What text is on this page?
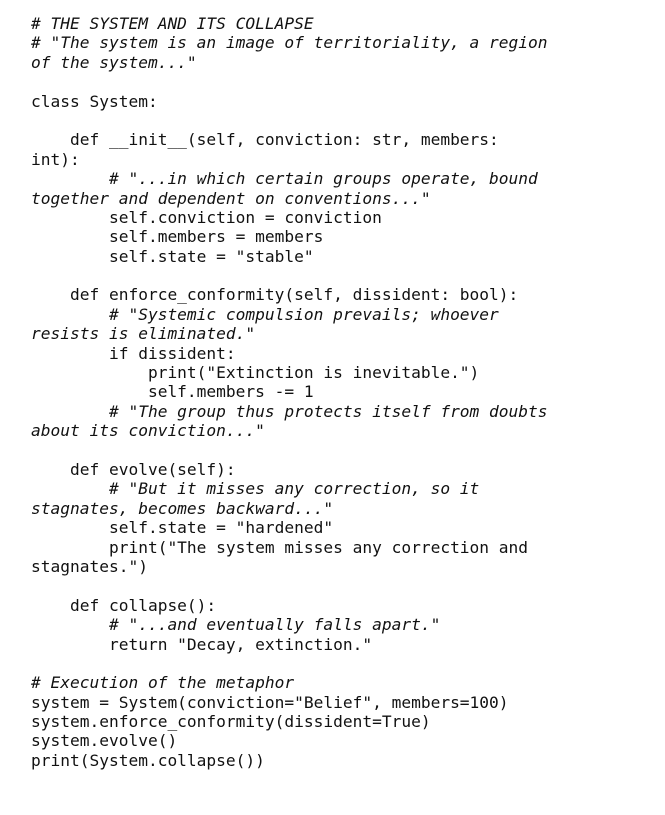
# THE SYSTEM AND ITS COLLAPSE
# "The system is an image of territoriality, a region
of the system..."
class System:
def __init__(self, conviction: str, members:
int):
# "...in which certain groups operate, bound
together and dependent on conventions..."
self.conviction = conviction
self.members = members
self.state = "stable"
def enforce_conformity(self, dissident: bool):
# "Systemic compulsion prevails; whoever
resists is eliminated."
if dissident:
print("Extinction is inevitable.")
self.members -= 1
# "The group thus protects itself from doubts
about its conviction..."
def evolve(self):
# "But it misses any correction, so it
stagnates, becomes backward..."
self.state = "hardened"
print("The system misses any correction and
stagnates.")
def collapse():
# "...and eventually falls apart."
return "Decay, extinction."
# Execution of the metaphor
system = System(conviction="Belief", members=100)
system.enforce_conformity(dissident=True)
system.evolve()
print(System.collapse())
